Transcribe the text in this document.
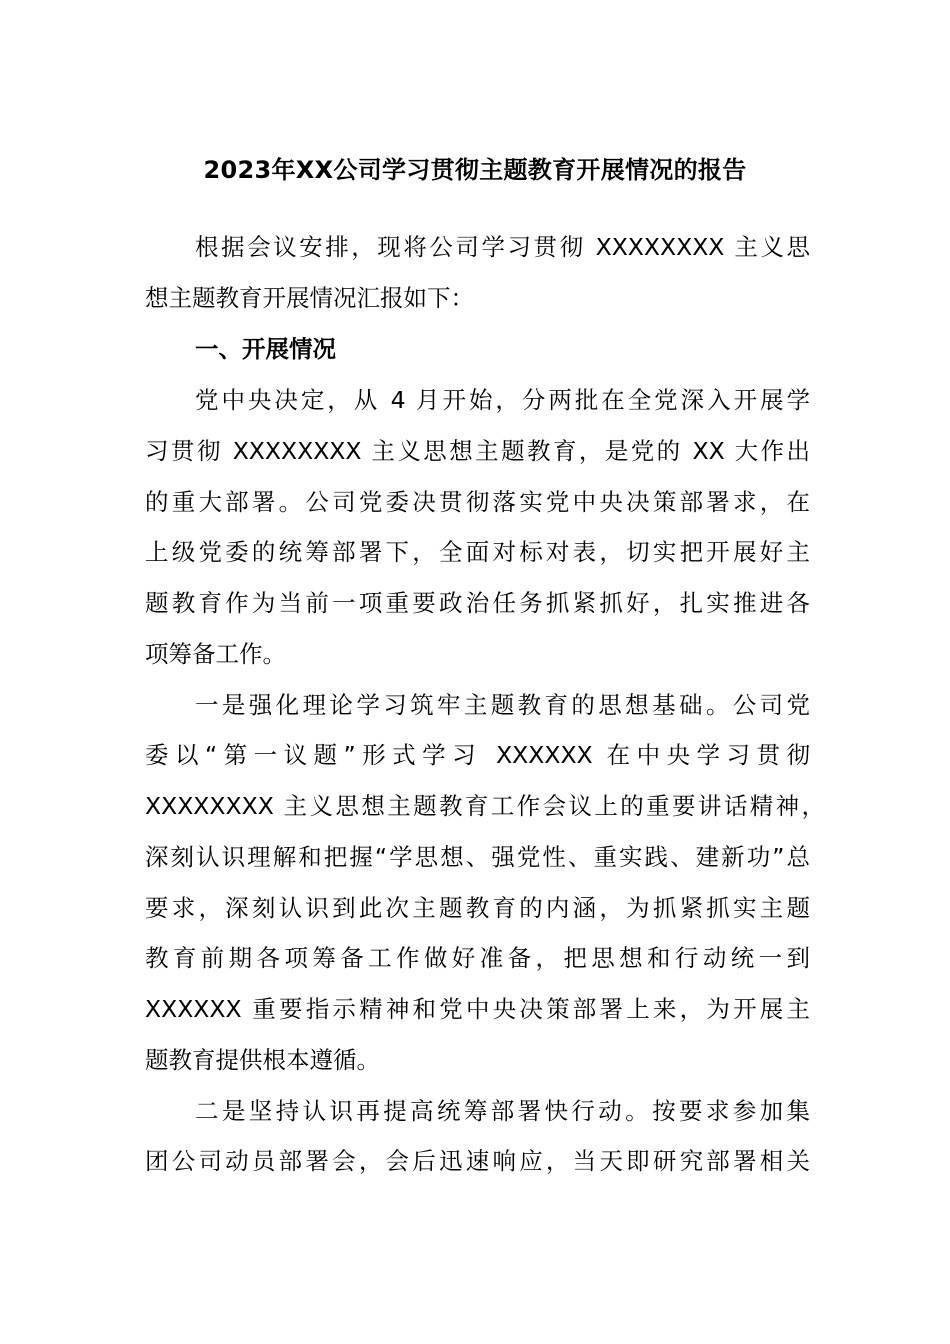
2023年XX公司学习贯彻主题教育开展情况的报告
根据会议安排，现将公司学习贯彻 XXXXXXXX 主义思
想主题教育开展情况汇报如下：
一、开展情况
党中央决定，从 4 月开始，分两批在全党深入开展学
习贯彻 XXXXXXXX 主义思想主题教育，是党的 XX 大作出
的重大部署。公司党委决贯彻落实党中央决策部署求，在
上级党委的统筹部署下，全面对标对表，切实把开展好主
题教育作为当前一项重要政治任务抓紧抓好，扎实推进各
项筹备工作。
一是强化理论学习筑牢主题教育的思想基础。公司党
委以“第一议题”形式学习 XXXXXX 在中央学习贯彻
XXXXXXXX 主义思想主题教育工作会议上的重要讲话精神，
深刻认识理解和把握“学思想、强党性、重实践、建新功”总
要求，深刻认识到此次主题教育的内涵，为抓紧抓实主题
教育前期各项筹备工作做好准备，把思想和行动统一到
XXXXXX 重要指示精神和党中央决策部署上来，为开展主
题教育提供根本遵循。
二是坚持认识再提高统筹部署快行动。按要求参加集
团公司动员部署会，会后迅速响应，当天即研究部署相关
